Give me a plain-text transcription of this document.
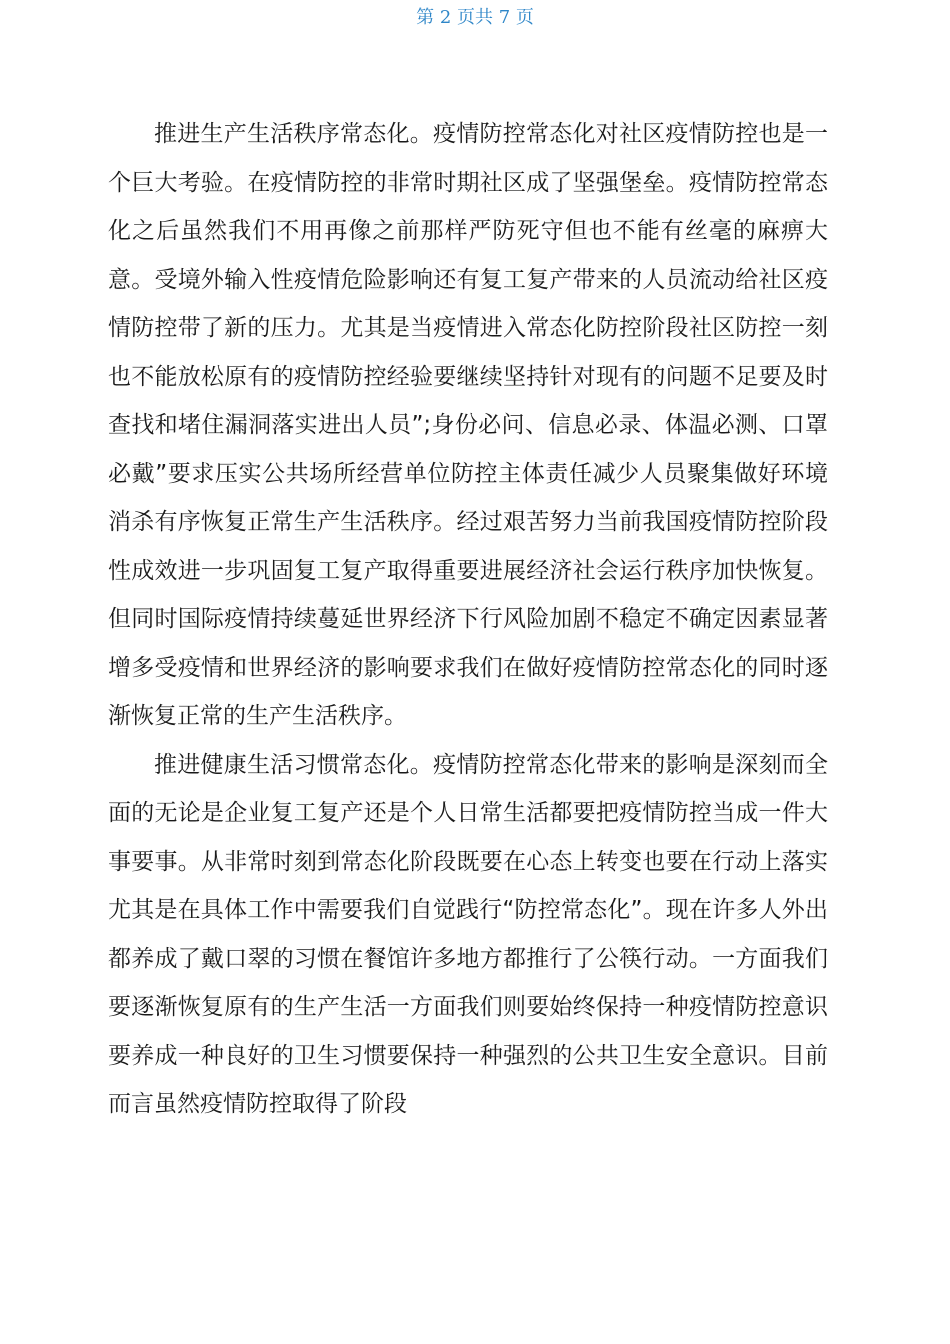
第 2 页共 7 页

推进生产生活秩序常态化。疫情防控常态化对社区疫情防控也是一个巨大考验。在疫情防控的非常时期社区成了坚强堡垒。疫情防控常态化之后虽然我们不用再像之前那样严防死守但也不能有丝毫的麻痹大意。受境外输入性疫情危险影响还有复工复产带来的人员流动给社区疫情防控带了新的压力。尤其是当疫情进入常态化防控阶段社区防控一刻也不能放松原有的疫情防控经验要继续坚持针对现有的问题不足要及时查找和堵住漏洞落实进出人员”;身份必问、信息必录、体温必测、口罩必戴”要求压实公共场所经营单位防控主体责任减少人员聚集做好环境消杀有序恢复正常生产生活秩序。经过艰苦努力当前我国疫情防控阶段性成效进一步巩固复工复产取得重要进展经济社会运行秩序加快恢复。但同时国际疫情持续蔓延世界经济下行风险加剧不稳定不确定因素显著增多受疫情和世界经济的影响要求我们在做好疫情防控常态化的同时逐渐恢复正常的生产生活秩序。

推进健康生活习惯常态化。疫情防控常态化带来的影响是深刻而全面的无论是企业复工复产还是个人日常生活都要把疫情防控当成一件大事要事。从非常时刻到常态化阶段既要在心态上转变也要在行动上落实尤其是在具体工作中需要我们自觉践行“防控常态化”。现在许多人外出都养成了戴口翠的习惯在餐馆许多地方都推行了公筷行动。一方面我们要逐渐恢复原有的生产生活一方面我们则要始终保持一种疫情防控意识要养成一种良好的卫生习惯要保持一种强烈的公共卫生安全意识。目前而言虽然疫情防控取得了阶段
